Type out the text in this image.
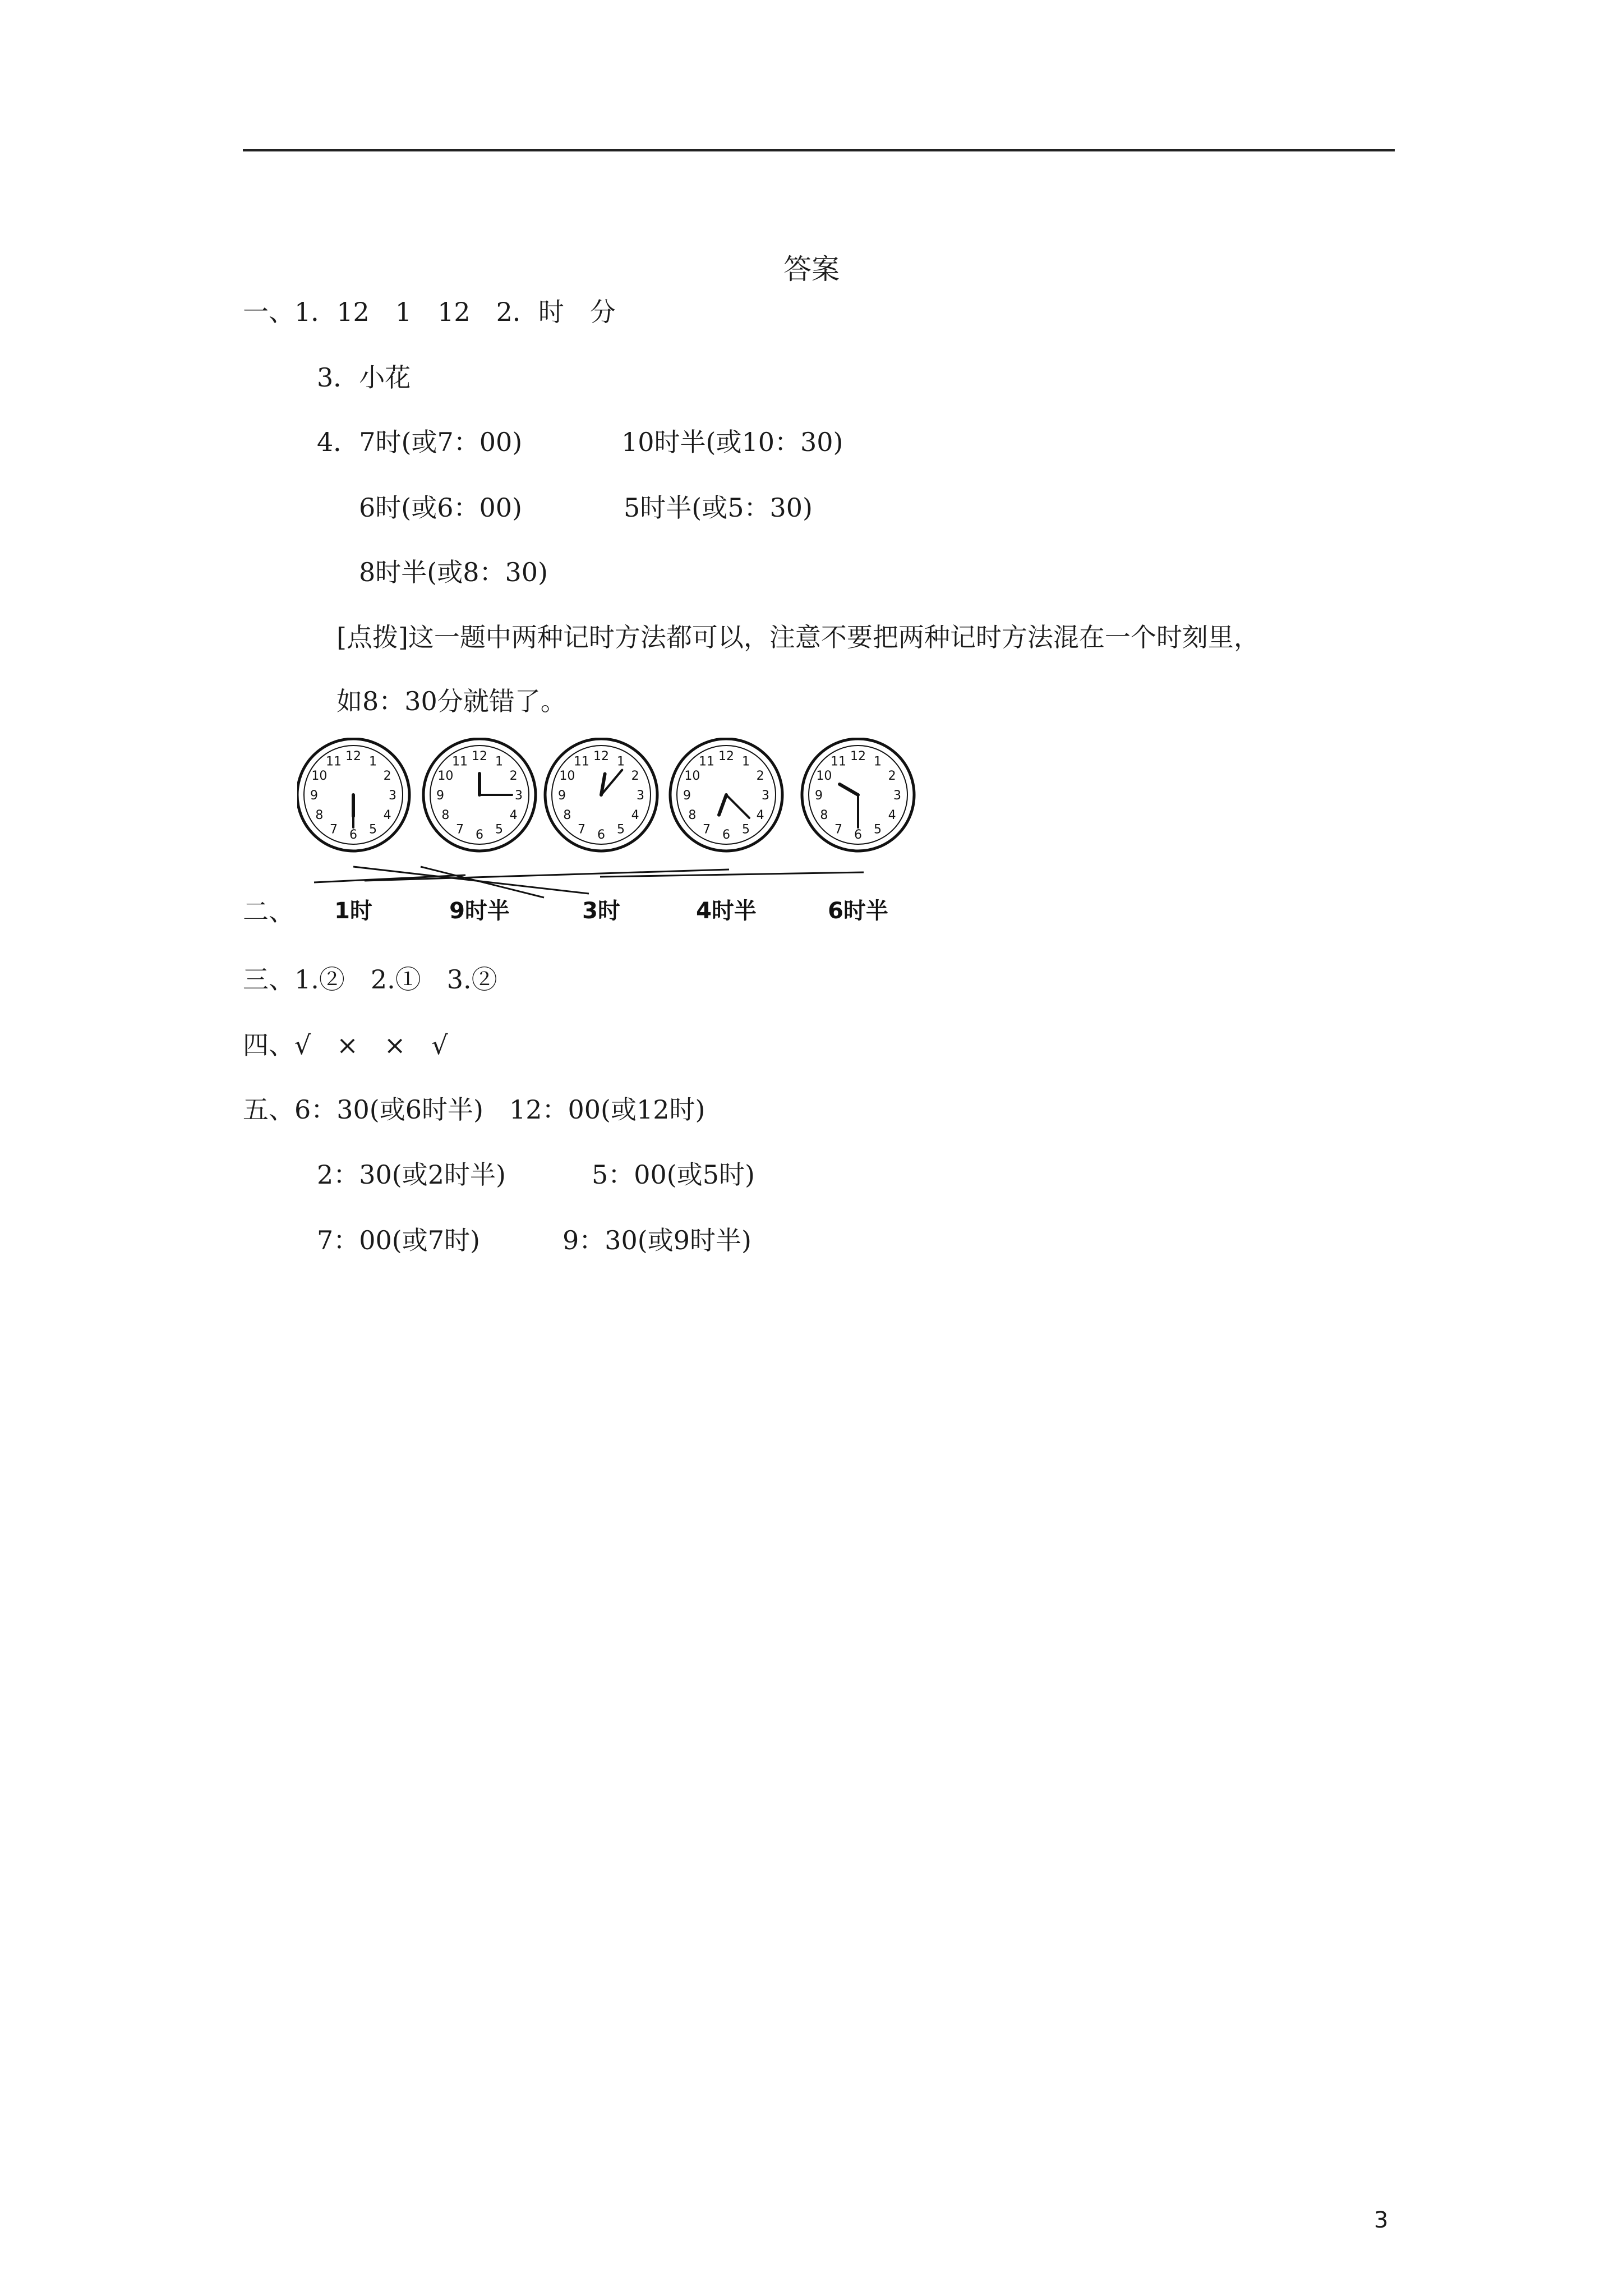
答案
一、1．12　1　12　2．时　分
3．小花
4．7时(或7：00)	10时半(或10：30)
6时(或6：00)	5时半(或5：30)
8时半(或8：30)
[点拨]这一题中两种记时方法都可以，注意不要把两种记时方法混在一个时刻里，
如8：30分就错了。
12 1
2
3
4
5
6
7
8
9
10
11	12 1
2
3
4
5
6
7
8
9
10
11	12 1
2
3
4
5
6
7
8
9
10
11	12 1
2
3
4
5
6
7
8
9
10
11	12 1
2
3
4
5
6
7
8
9
10
11
1时	9时半	3时	4时半	6时半
二、
三、1.②　2.①　3.②
四、√　×　×　√
五、6：30(或6时半)　12：00(或12时)
2：30(或2时半)	5：00(或5时)
7：00(或7时)	9：30(或9时半)
3
